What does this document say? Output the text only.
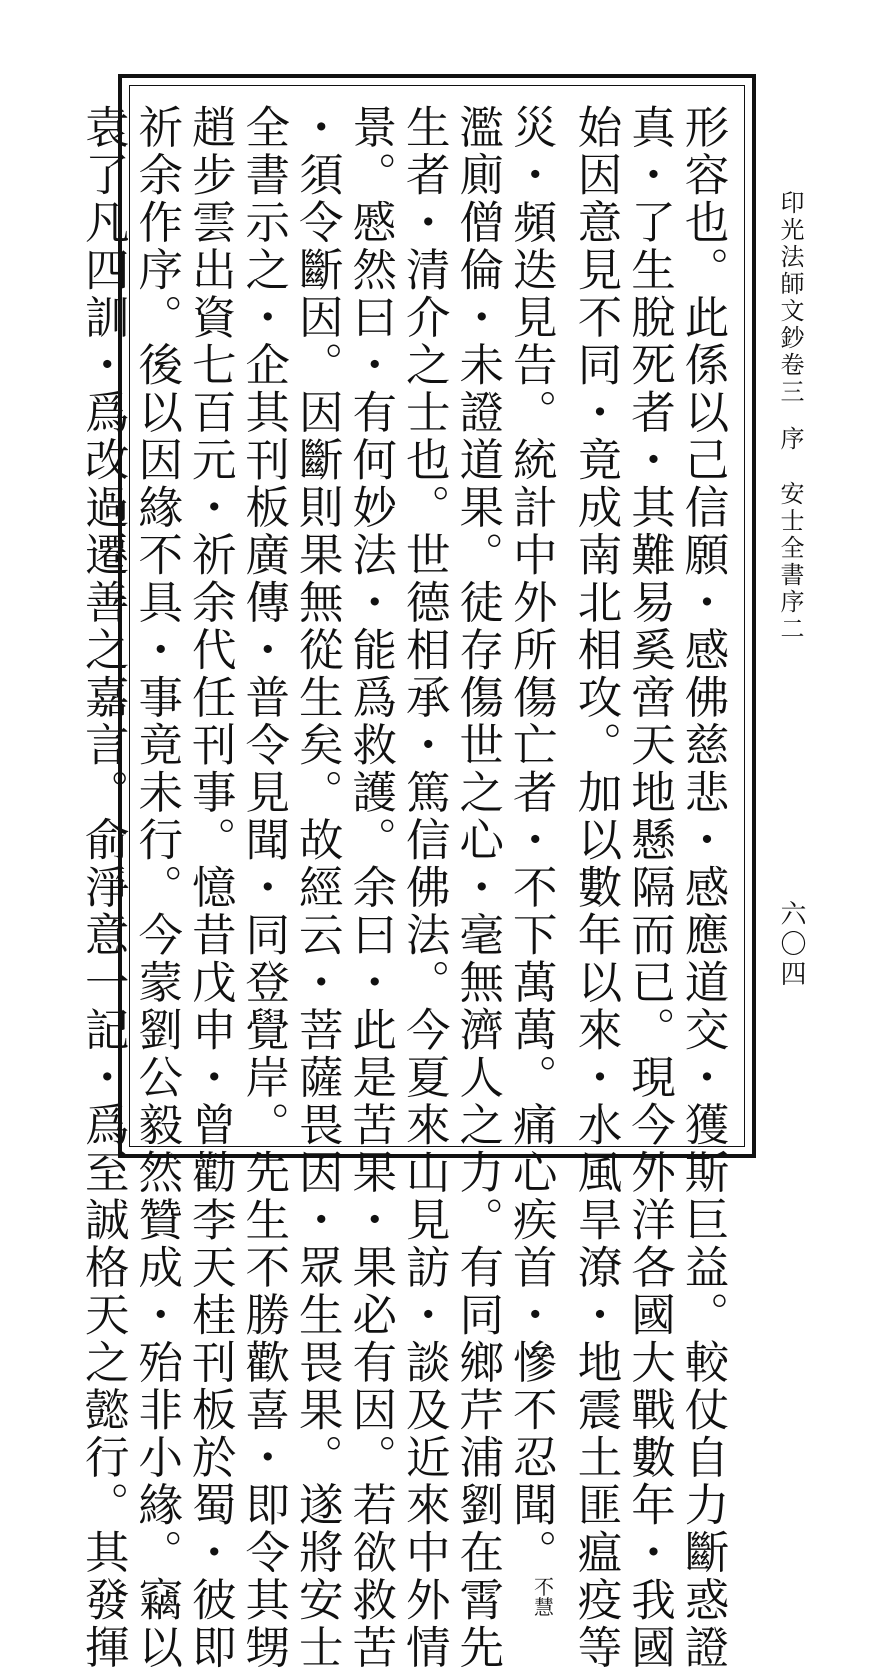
印光法師文鈔卷三序安士全書序二
六〇四
形容也。此係以己信願・感佛慈悲・感應道交・獲斯巨益。較仗自力斷惑證
真・了生脫死者・其難易奚啻天地懸隔而已。現今外洋各國大戰數年・我國
始因意見不同・竟成南北相攻。加以數年以來・水風旱潦・地震土匪瘟疫等
災・頻迭見告。統計中外所傷亡者・不下萬萬。痛心疾首・慘不忍聞。不慧
濫廁僧倫・未證道果。徒存傷世之心・毫無濟人之力。有同鄉芹浦劉在霄先
生者・清介之士也。世德相承・篤信佛法。今夏來山見訪・談及近來中外情
景。慼然曰・有何妙法・能爲救護。余曰・此是苦果・果必有因。若欲救苦
・須令斷因。因斷則果無從生矣。故經云・菩薩畏因・眾生畏果。遂將安士
全書示之・企其刊板廣傳・普令見聞・同登覺岸。先生不勝歡喜・即令其甥
趙步雲出資七百元・祈余代任刊事。憶昔戊申・曾勸李天桂刊板於蜀・彼即
祈余作序。後以因緣不具・事竟未行。今蒙劉公毅然贊成・殆非小緣。竊以
袁了凡四訓・爲改過遷善之嘉言。俞淨意一記・爲至誠格天之懿行。其發揮
